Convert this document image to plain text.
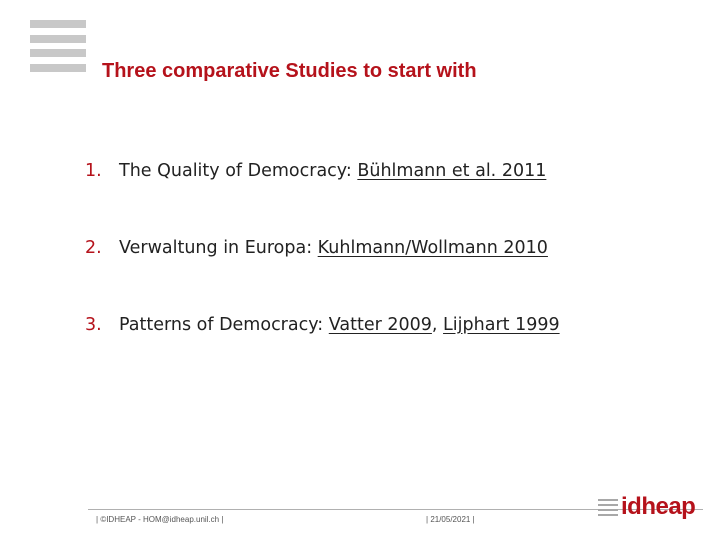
Three comparative Studies to start with
1. The Quality of Democracy: Bühlmann et al. 2011
2. Verwaltung in Europa: Kuhlmann/Wollmann 2010
3. Patterns of Democracy: Vatter 2009, Lijphart 1999
| ©IDHEAP - HOM@idheap.unil.ch |	| 21/05/2021 |	idheap
